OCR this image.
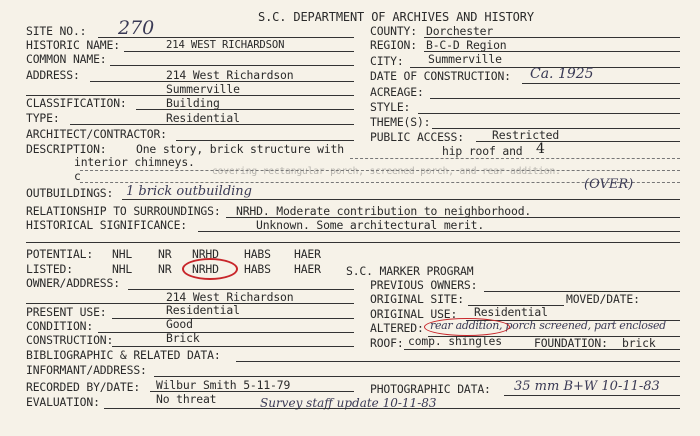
S.C. DEPARTMENT OF ARCHIVES AND HISTORY
SITE NO.: 270
HISTORIC NAME:	214 WEST RICHARDSON
COMMON NAME:
ADDRESS:	214 West Richardson
Summerville
CLASSIFICATION:	Building
TYPE:	Residential
ARCHITECT/CONTRACTOR:
DESCRIPTION:	One story, brick structure with	hip roof and 4
interior chimneys.
c	covering rectangular porch, screened porch, and rear addition.
COUNTY: Dorchester
REGION: B-C-D Region
CITY: Summerville
DATE OF CONSTRUCTION: Ca. 1925
ACREAGE:
STYLE:
THEME(S):
PUBLIC ACCESS: Restricted
(OVER)
OUTBUILDINGS: 1 brick outbuilding
RELATIONSHIP TO SURROUNDINGS: NRHD. Moderate contribution to neighborhood.
HISTORICAL SIGNIFICANCE:	Unknown. Some architectural merit.
POTENTIAL: NHL NR NRHD HABS HAER
LISTED:	NHL NR NRHD HABS HAER S.C. MARKER PROGRAM
OWNER/ADDRESS:
214 West Richardson
PRESENT USE:	Residential
CONDITION:	Good
CONSTRUCTION:	Brick
PREVIOUS OWNERS:
ORIGINAL SITE:	MOVED/DATE:
ORIGINAL USE: Residential
ALTERED: rear addition, porch screened, part enclosed
ROOF: comp. shingles	FOUNDATION: brick
BIBLIOGRAPHIC & RELATED DATA:
INFORMANT/ADDRESS:
RECORDED BY/DATE: Wilbur Smith 5-11-79	PHOTOGRAPHIC DATA: 35 mm B+W 10-11-83
EVALUATION:	No threat	Survey staff update 10-11-83
